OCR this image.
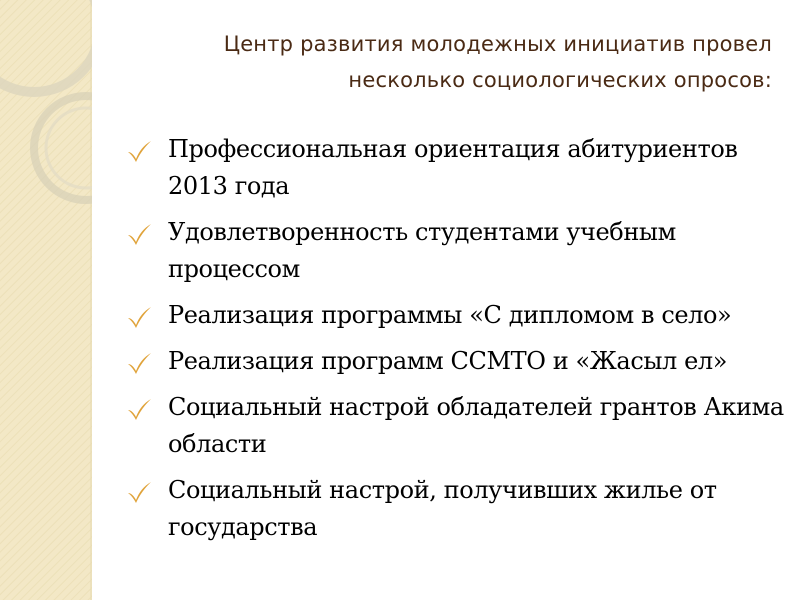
Центр развития молодежных инициатив провел
несколько социологических опросов:
Профессиональная ориентация абитуриентов 2013 года
Удовлетворенность студентами учебным процессом
Реализация программы «С дипломом в село»
Реализация программ ССМТО и «Жасыл ел»
Социальный настрой обладателей грантов Акима области
Социальный настрой, получивших жилье от государства
